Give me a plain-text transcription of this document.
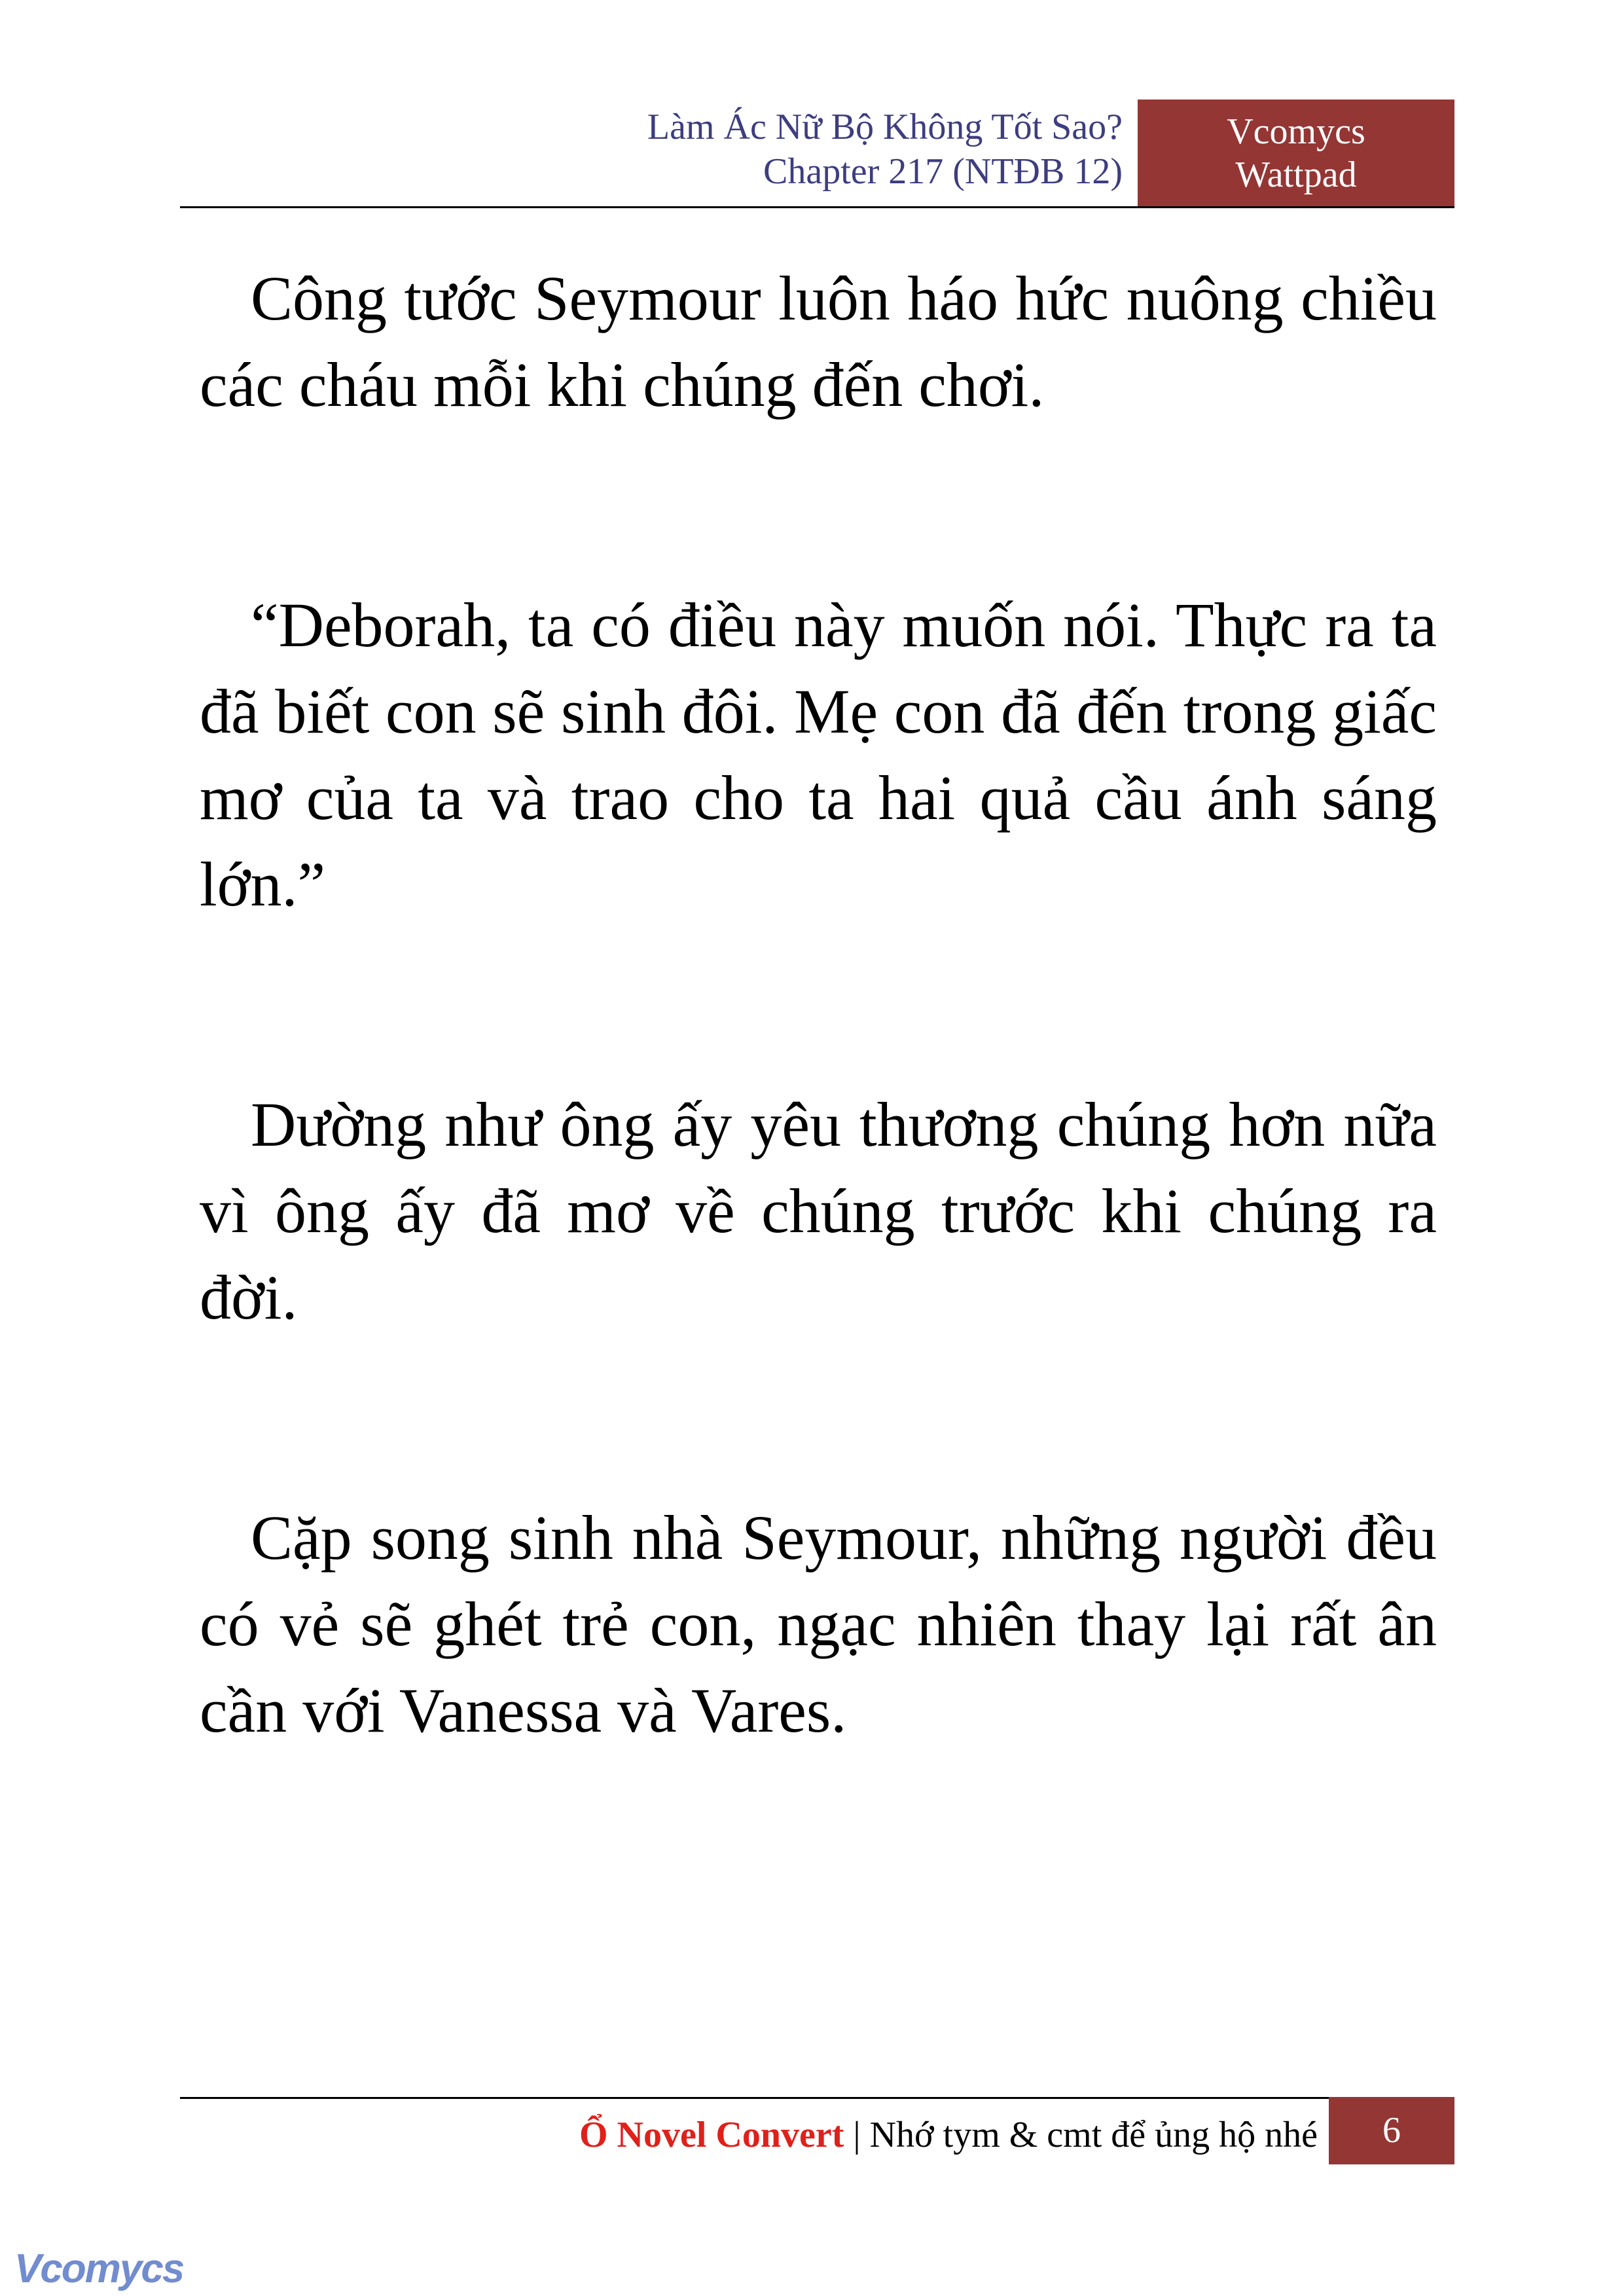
Làm Ác Nữ Bộ Không Tốt Sao?
Chapter 217 (NTĐB 12)
Vcomycs
Wattpad

Công tước Seymour luôn háo hức nuông chiều các cháu mỗi khi chúng đến chơi.

“Deborah, ta có điều này muốn nói. Thực ra ta đã biết con sẽ sinh đôi. Mẹ con đã đến trong giấc mơ của ta và trao cho ta hai quả cầu ánh sáng lớn.”

Dường như ông ấy yêu thương chúng hơn nữa vì ông ấy đã mơ về chúng trước khi chúng ra đời.

Cặp song sinh nhà Seymour, những người đều có vẻ sẽ ghét trẻ con, ngạc nhiên thay lại rất ân cần với Vanessa và Vares.

Ổ Novel Convert | Nhớ tym & cmt để ủng hộ nhé	6
Vcomycs
